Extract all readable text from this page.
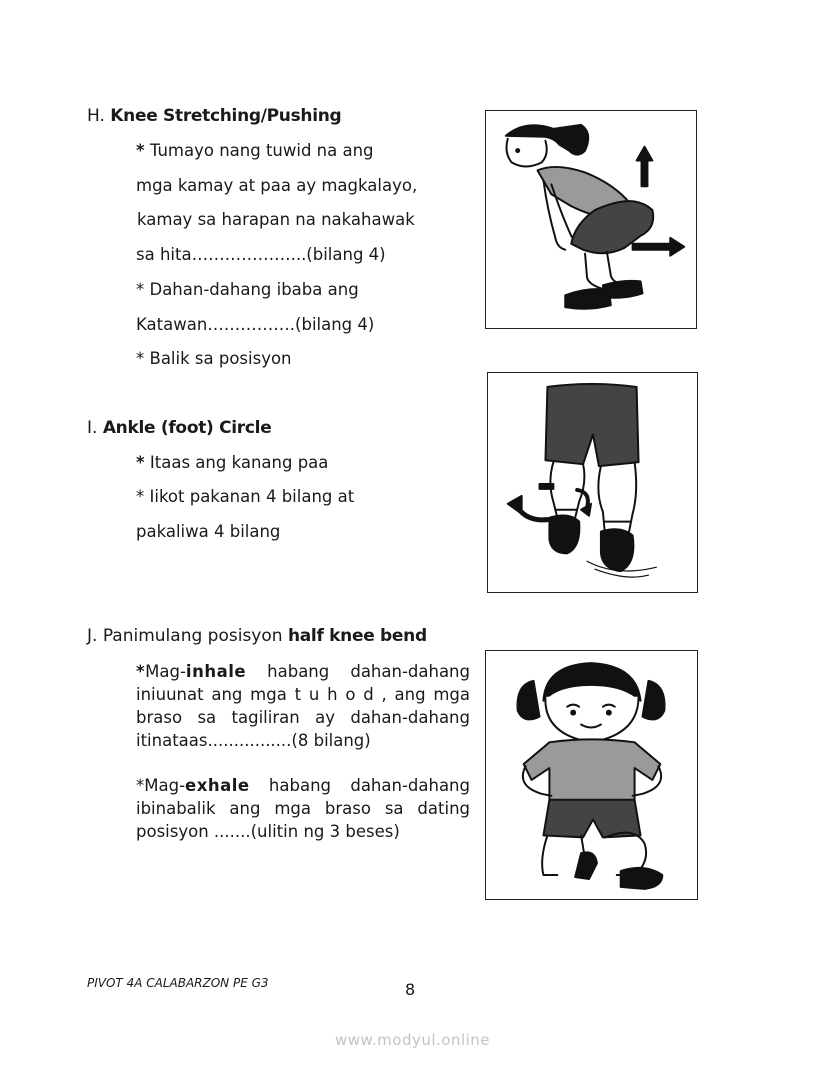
H. Knee Stretching/Pushing
* Tumayo nang tuwid na ang
mga kamay at paa ay magkalayo,
kamay sa harapan na nakahawak
sa hita………………...(bilang 4)
* Dahan-dahang ibaba ang
Katawan…………….(bilang 4)
* Balik sa posisyon
I. Ankle (foot) Circle
* Itaas ang kanang paa
* Iikot pakanan 4 bilang at
pakaliwa 4 bilang
J. Panimulang posisyon half knee bend
*Mag-inhale habang dahan-dahang iniuunat ang mga t u h o d , ang mga braso sa tagiliran ay dahan-dahang itinataas................(8 bilang)
*Mag-exhale habang dahan-dahang ibinabalik ang mga braso sa dating posisyon .......(ulitin ng 3 beses)
PIVOT 4A CALABARZON PE G3	8
www.modyul.online
